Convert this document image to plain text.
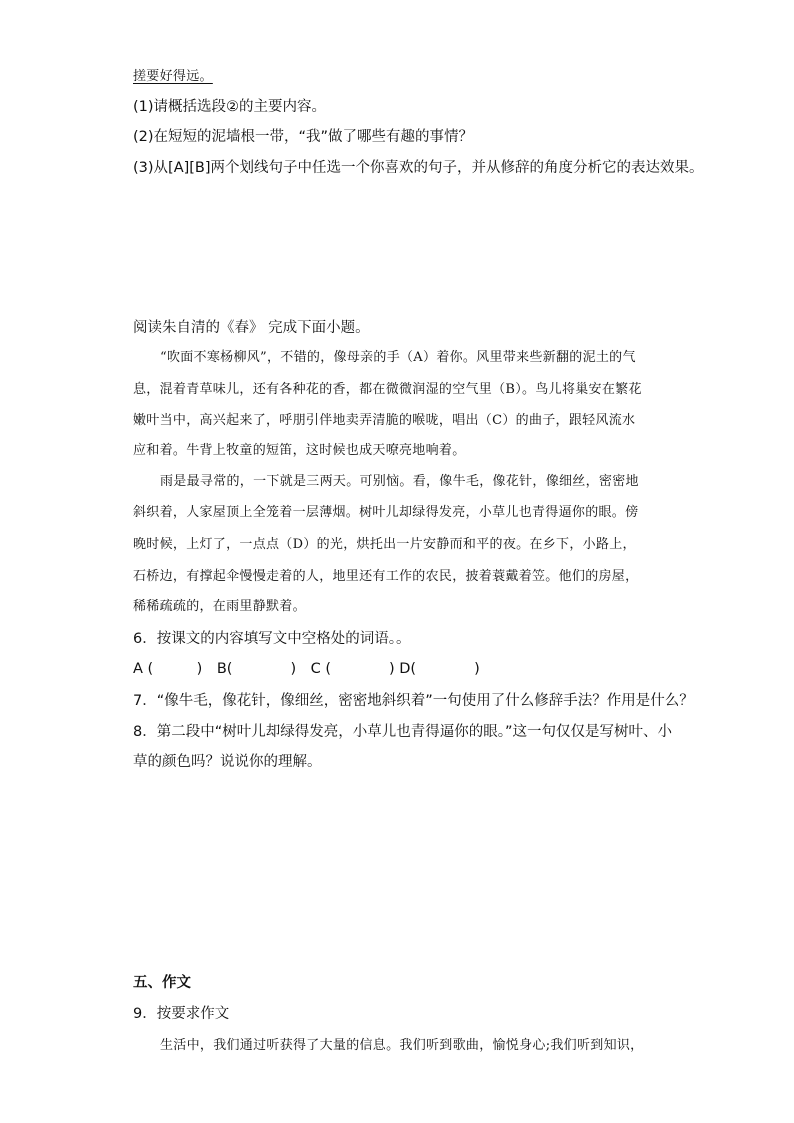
搓要好得远。
(1)请概括选段②的主要内容。
(2)在短短的泥墙根一带，“我”做了哪些有趣的事情？
(3)从[A][B]两个划线句子中任选一个你喜欢的句子，并从修辞的角度分析它的表达效果。
阅读朱自清的《春》 完成下面小题。
“吹面不寒杨柳风”，不错的，像母亲的手（A）着你。风里带来些新翻的泥土的气
息，混着青草味儿，还有各种花的香，都在微微润湿的空气里（B）。鸟儿将巢安在繁花
嫩叶当中，高兴起来了，呼朋引伴地卖弄清脆的喉咙，唱出（C）的曲子，跟轻风流水
应和着。牛背上牧童的短笛，这时候也成天嘹亮地响着。
雨是最寻常的，一下就是三两天。可别恼。看，像牛毛，像花针，像细丝，密密地
斜织着，人家屋顶上全笼着一层薄烟。树叶儿却绿得发亮，小草儿也青得逼你的眼。傍
晚时候，上灯了，一点点（D）的光，烘托出一片安静而和平的夜。在乡下，小路上，
石桥边，有撑起伞慢慢走着的人，地里还有工作的农民，披着蓑戴着笠。他们的房屋，
稀稀疏疏的，在雨里静默着。
6．按课文的内容填写文中空格处的词语。。
A (　　　)　B(　　　　)　C (　　　　) D(　　　　)
7．“像牛毛，像花针，像细丝，密密地斜织着”一句使用了什么修辞手法？作用是什么？
8．第二段中“树叶儿却绿得发亮，小草儿也青得逼你的眼。”这一句仅仅是写树叶、小
草的颜色吗？说说你的理解。
五、作文
9．按要求作文
生活中，我们通过听获得了大量的信息。我们听到歌曲，愉悦身心;我们听到知识，
